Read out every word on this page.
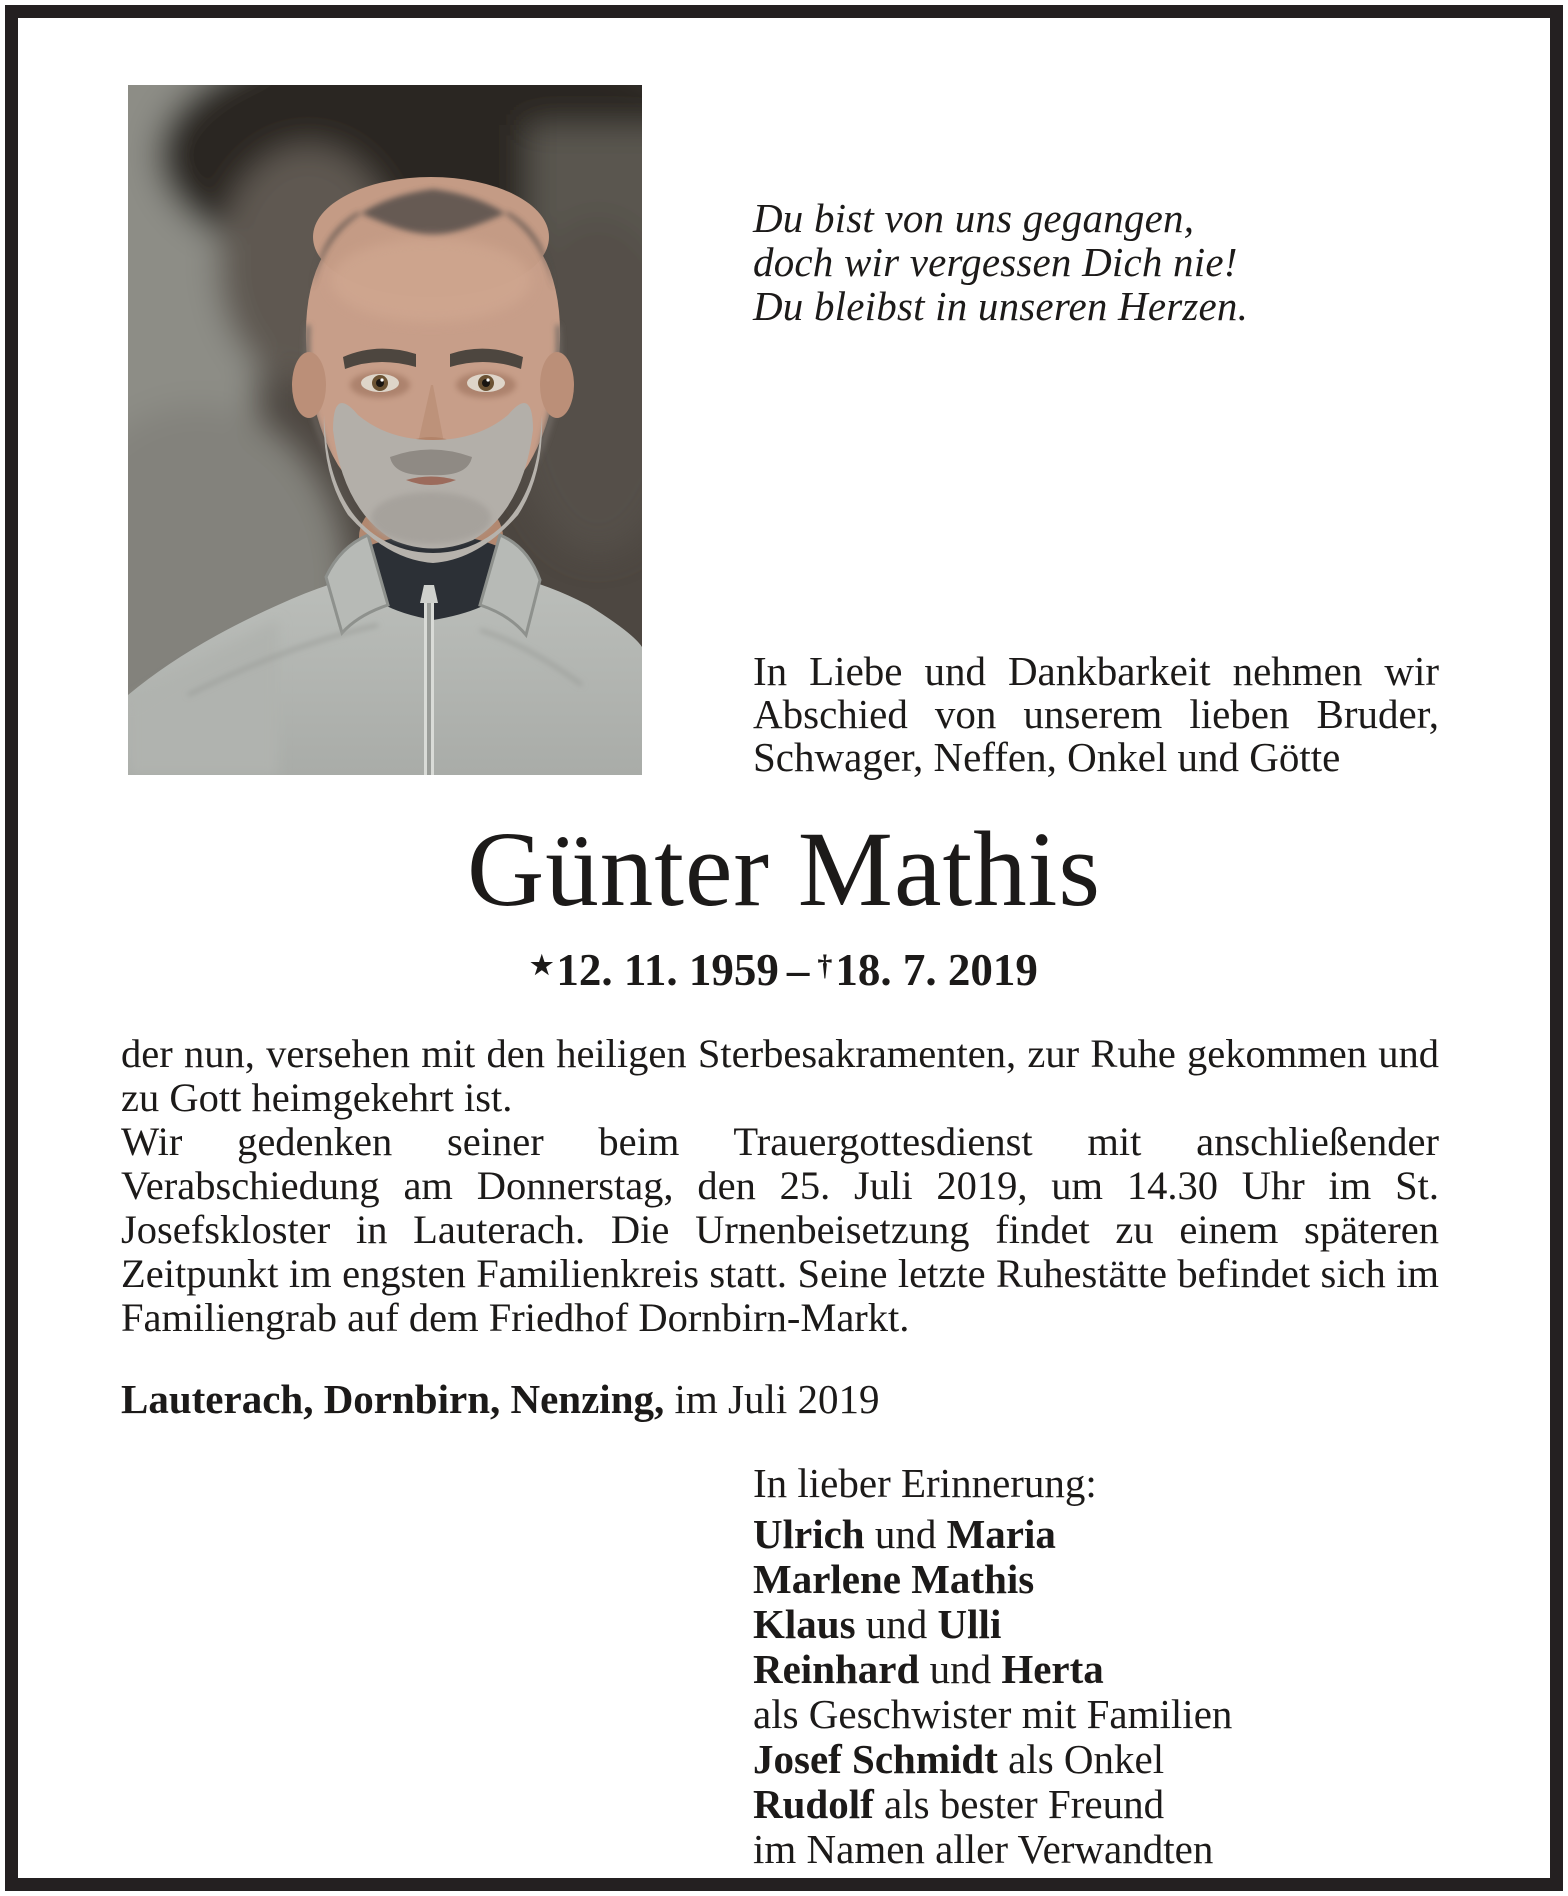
Du bist von uns gegangen,
doch wir vergessen Dich nie!
Du bleibst in unseren Herzen.

In Liebe und Dankbarkeit nehmen wir Abschied von unserem lieben Bruder, Schwager, Neffen, Onkel und Götte

Günter Mathis
★12. 11. 1959 – †18. 7. 2019

der nun, versehen mit den heiligen Sterbesakramenten, zur Ruhe gekommen und zu Gott heimgekehrt ist.

Wir gedenken seiner beim Trauergottesdienst mit anschließender Verabschiedung am Donnerstag, den 25. Juli 2019, um 14.30 Uhr im St. Josefskloster in Lauterach. Die Urnenbeisetzung findet zu einem späteren Zeitpunkt im engsten Familienkreis statt. Seine letzte Ruhestätte befindet sich im Familiengrab auf dem Friedhof Dornbirn-Markt.

Lauterach, Dornbirn, Nenzing, im Juli 2019

In lieber Erinnerung:
Ulrich und Maria
Marlene Mathis
Klaus und Ulli
Reinhard und Herta
als Geschwister mit Familien
Josef Schmidt als Onkel
Rudolf als bester Freund
im Namen aller Verwandten
